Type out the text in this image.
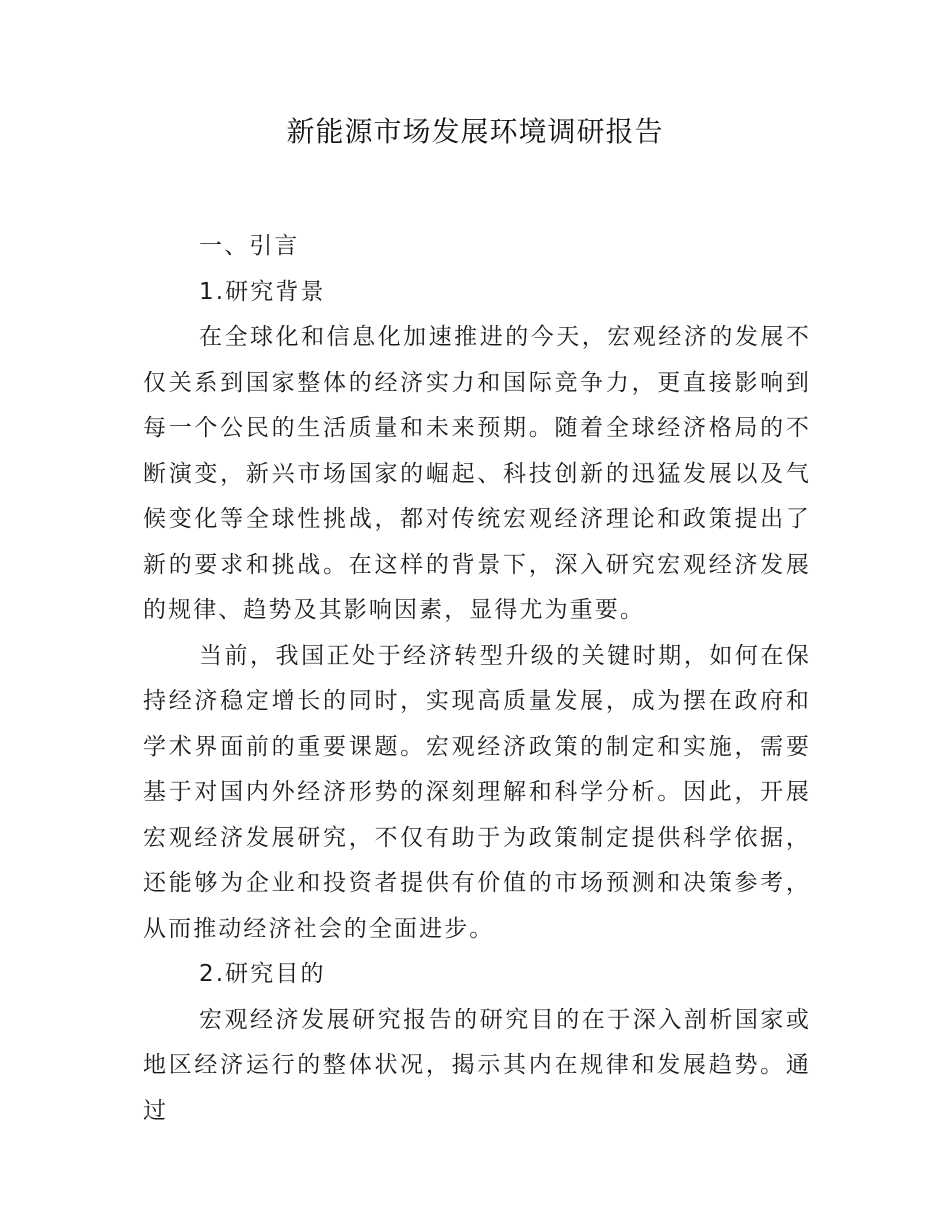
新能源市场发展环境调研报告

一、引言

1.研究背景

在全球化和信息化加速推进的今天，宏观经济的发展不仅关系到国家整体的经济实力和国际竞争力，更直接影响到每一个公民的生活质量和未来预期。随着全球经济格局的不断演变，新兴市场国家的崛起、科技创新的迅猛发展以及气候变化等全球性挑战，都对传统宏观经济理论和政策提出了新的要求和挑战。在这样的背景下，深入研究宏观经济发展的规律、趋势及其影响因素，显得尤为重要。

当前，我国正处于经济转型升级的关键时期，如何在保持经济稳定增长的同时，实现高质量发展，成为摆在政府和学术界面前的重要课题。宏观经济政策的制定和实施，需要基于对国内外经济形势的深刻理解和科学分析。因此，开展宏观经济发展研究，不仅有助于为政策制定提供科学依据，还能够为企业和投资者提供有价值的市场预测和决策参考，从而推动经济社会的全面进步。

2.研究目的

宏观经济发展研究报告的研究目的在于深入剖析国家或地区经济运行的整体状况，揭示其内在规律和发展趋势。通过
